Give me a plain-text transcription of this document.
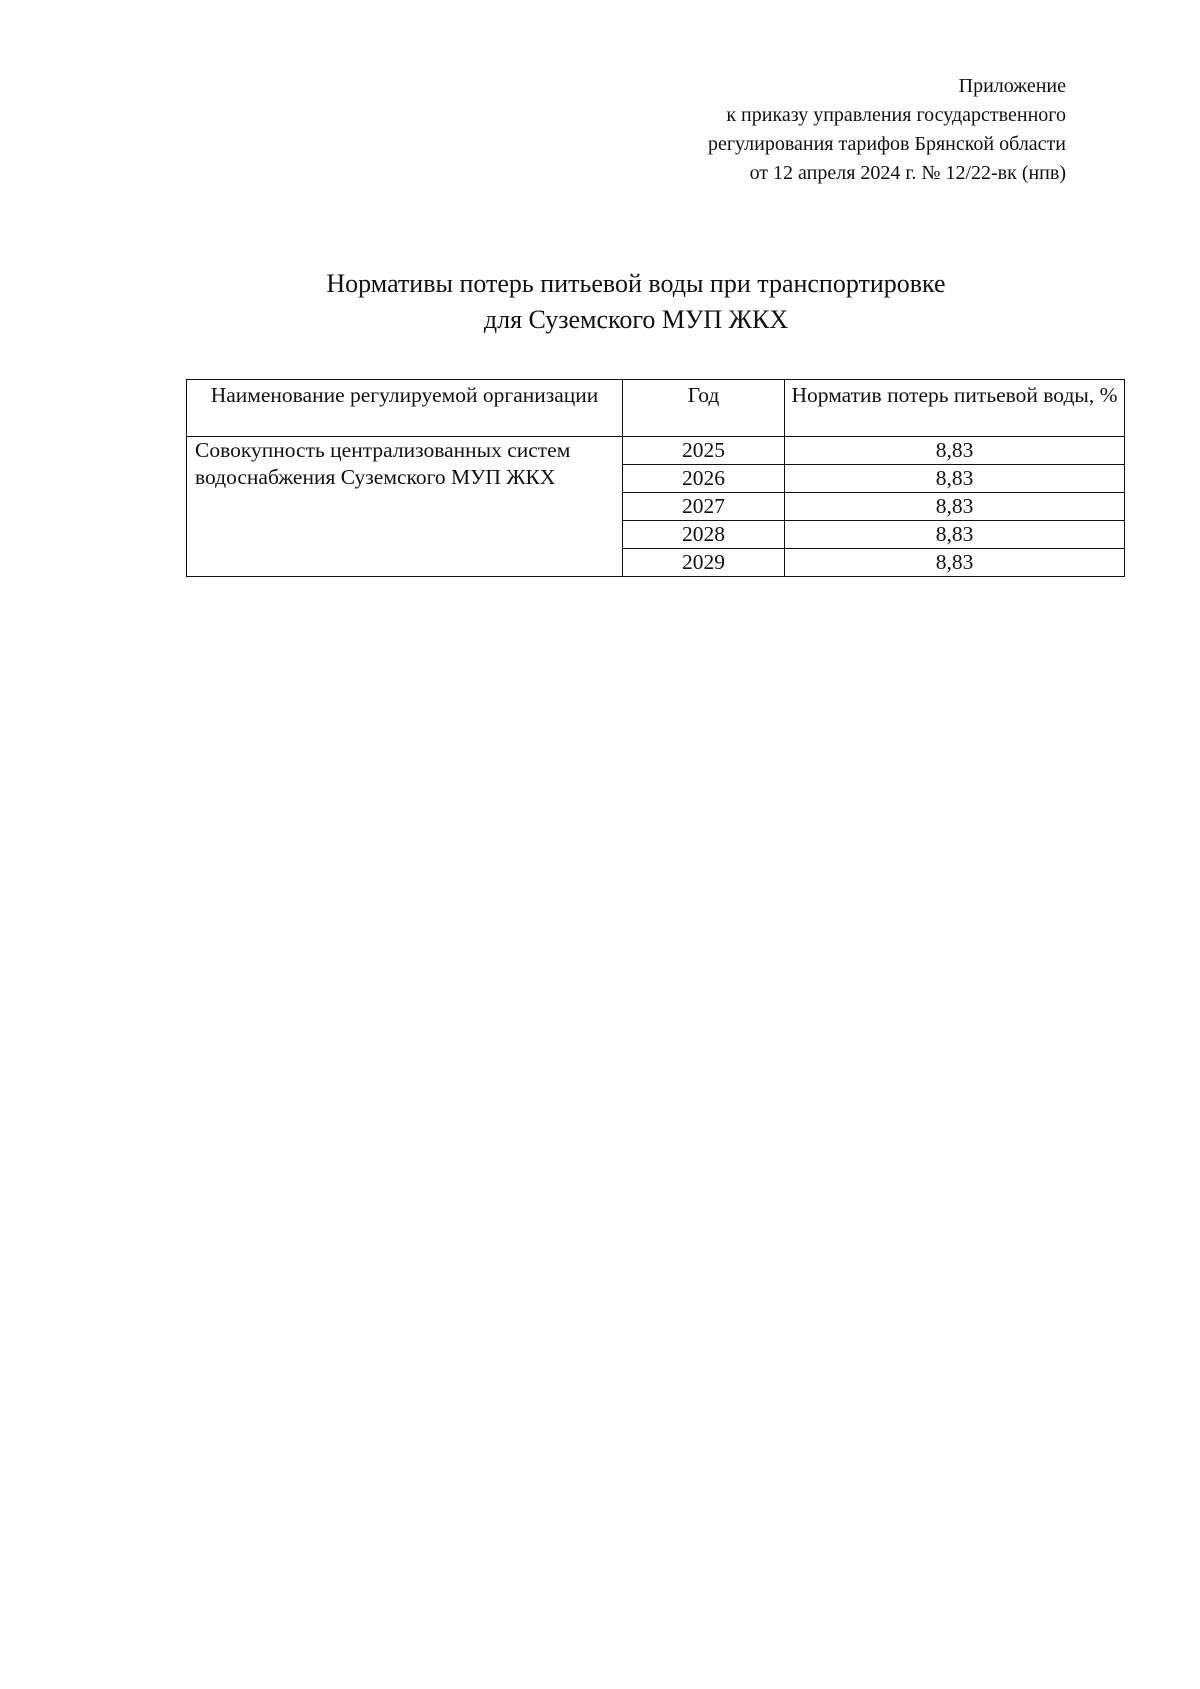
Приложение
к приказу управления государственного
регулирования тарифов Брянской области
от 12 апреля 2024 г. № 12/22-вк (нпв)
Нормативы потерь питьевой воды при транспортировке
для Суземского МУП ЖКХ
Наименование регулируемой организации	Год	Норматив потерь питьевой воды, %
Совокупность централизованных систем водоснабжения Суземского МУП ЖКХ	2025	8,83
	2026	8,83
	2027	8,83
	2028	8,83
	2029	8,83
